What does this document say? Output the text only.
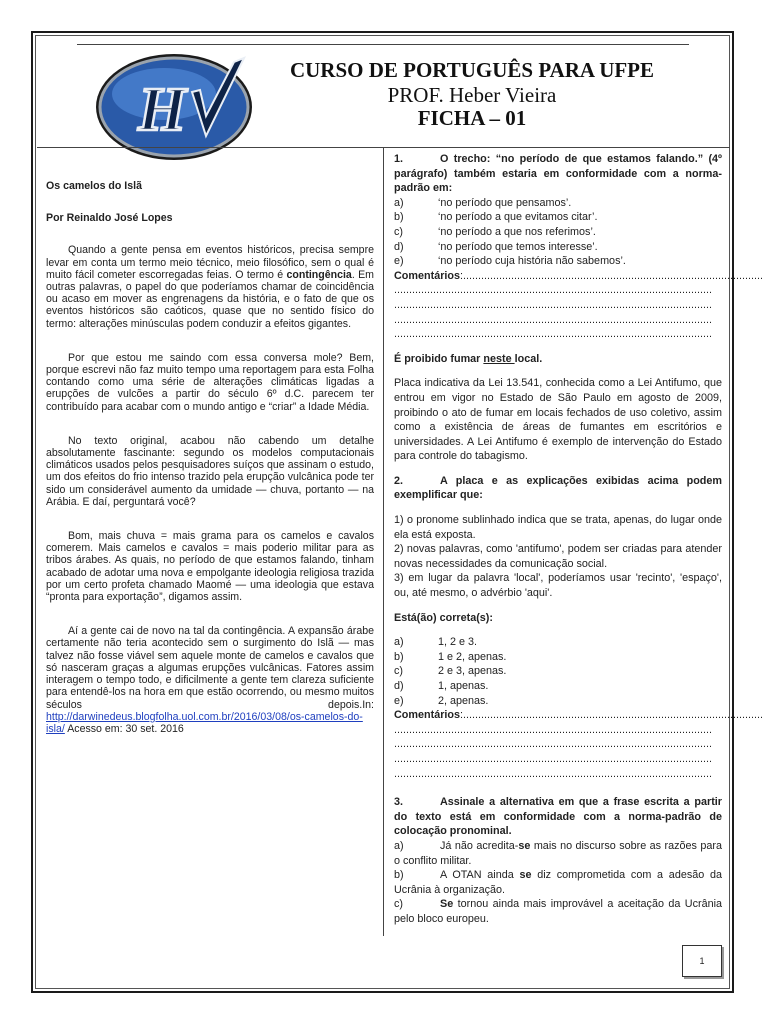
H
CURSO DE PORTUGUÊS PARA UFPE
PROF. Heber Vieira
FICHA – 01

Os camelos do Islã

Por Reinaldo José Lopes

Quando a gente pensa em eventos históricos, precisa sempre levar em conta um termo meio técnico, meio filosófico, sem o qual é muito fácil cometer escorregadas feias. O termo é contingência. Em outras palavras, o papel do que poderíamos chamar de coincidência ou acaso em mover as engrenagens da história, e o fato de que os eventos históricos são caóticos, quase que no sentido físico do termo: alterações minúsculas podem conduzir a efeitos gigantes.

Por que estou me saindo com essa conversa mole? Bem, porque escrevi não faz muito tempo uma reportagem para esta Folha contando como uma série de alterações climáticas ligadas a erupções de vulcões a partir do século 6º d.C. parecem ter contribuído para acabar com o mundo antigo e “criar” a Idade Média.

No texto original, acabou não cabendo um detalhe absolutamente fascinante: segundo os modelos computacionais climáticos usados pelos pesquisadores suíços que assinam o estudo, um dos efeitos do frio intenso trazido pela erupção vulcânica pode ter sido um considerável aumento da umidade — chuva, portanto — na Arábia. E daí, perguntará você?

Bom, mais chuva = mais grama para os camelos e cavalos comerem. Mais camelos e cavalos = mais poderio militar para as tribos árabes. As quais, no período de que estamos falando, tinham acabado de adotar uma nova e empolgante ideologia religiosa trazida por um certo profeta chamado Maomé — uma ideologia que estava “pronta para exportação”, digamos assim.

Aí a gente cai de novo na tal da contingência. A expansão árabe certamente não teria acontecido sem o surgimento do Islã — mas talvez não fosse viável sem aquele monte de camelos e cavalos que só nasceram graças a algumas erupções vulcânicas. Fatores assim interagem o tempo todo, e dificilmente a gente tem clareza suficiente para entendê-los na hora em que estão ocorrendo, ou mesmo muitos séculos depois.In: http://darwinedeus.blogfolha.uol.com.br/2016/03/08/os-camelos-do-isla/ Acesso em: 30 set. 2016

1.	O trecho: “no período de que estamos falando.” (4º parágrafo) também estaria em conformidade com a norma-padrão em:

a)	‘no período que pensamos’.
b)	‘no período a que evitamos citar’.
c)	‘no período a que nos referimos’.
d)	‘no período que temos interesse’.
e)	‘no período cuja história não sabemos’.
Comentários:....................................................................................................
..........................................................................................................
..........................................................................................................
..........................................................................................................
..........................................................................................................

É proibido fumar neste local.

Placa indicativa da Lei 13.541, conhecida como a Lei Antifumo, que entrou em vigor no Estado de São Paulo em agosto de 2009, proibindo o ato de fumar em locais fechados de uso coletivo, assim como a existência de áreas de fumantes em escritórios e universidades. A Lei Antifumo é exemplo de intervenção do Estado para controle do tabagismo.

2.	A placa e as explicações exibidas acima podem exemplificar que:

1) o pronome sublinhado indica que se trata, apenas, do lugar onde ela está exposta.

2) novas palavras, como 'antifumo', podem ser criadas para atender novas necessidades da comunicação social.

3) em lugar da palavra 'local', poderíamos usar 'recinto', 'espaço', ou, até mesmo, o advérbio 'aqui'.

Está(ão) correta(s):

a)	1, 2 e 3.
b)	1 e 2, apenas.
c)	2 e 3, apenas.
d)	1, apenas.
e)	2, apenas.
Comentários:....................................................................................................
..........................................................................................................
..........................................................................................................
..........................................................................................................
..........................................................................................................

3.	Assinale a alternativa em que a frase escrita a partir do texto está em conformidade com a norma-padrão de colocação pronominal.

a)	Já não acredita-se mais no discurso sobre as razões para o conflito militar.

b)	A OTAN ainda se diz comprometida com a adesão da Ucrânia à organização.

c)	Se tornou ainda mais improvável a aceitação da Ucrânia pelo bloco europeu.

1
